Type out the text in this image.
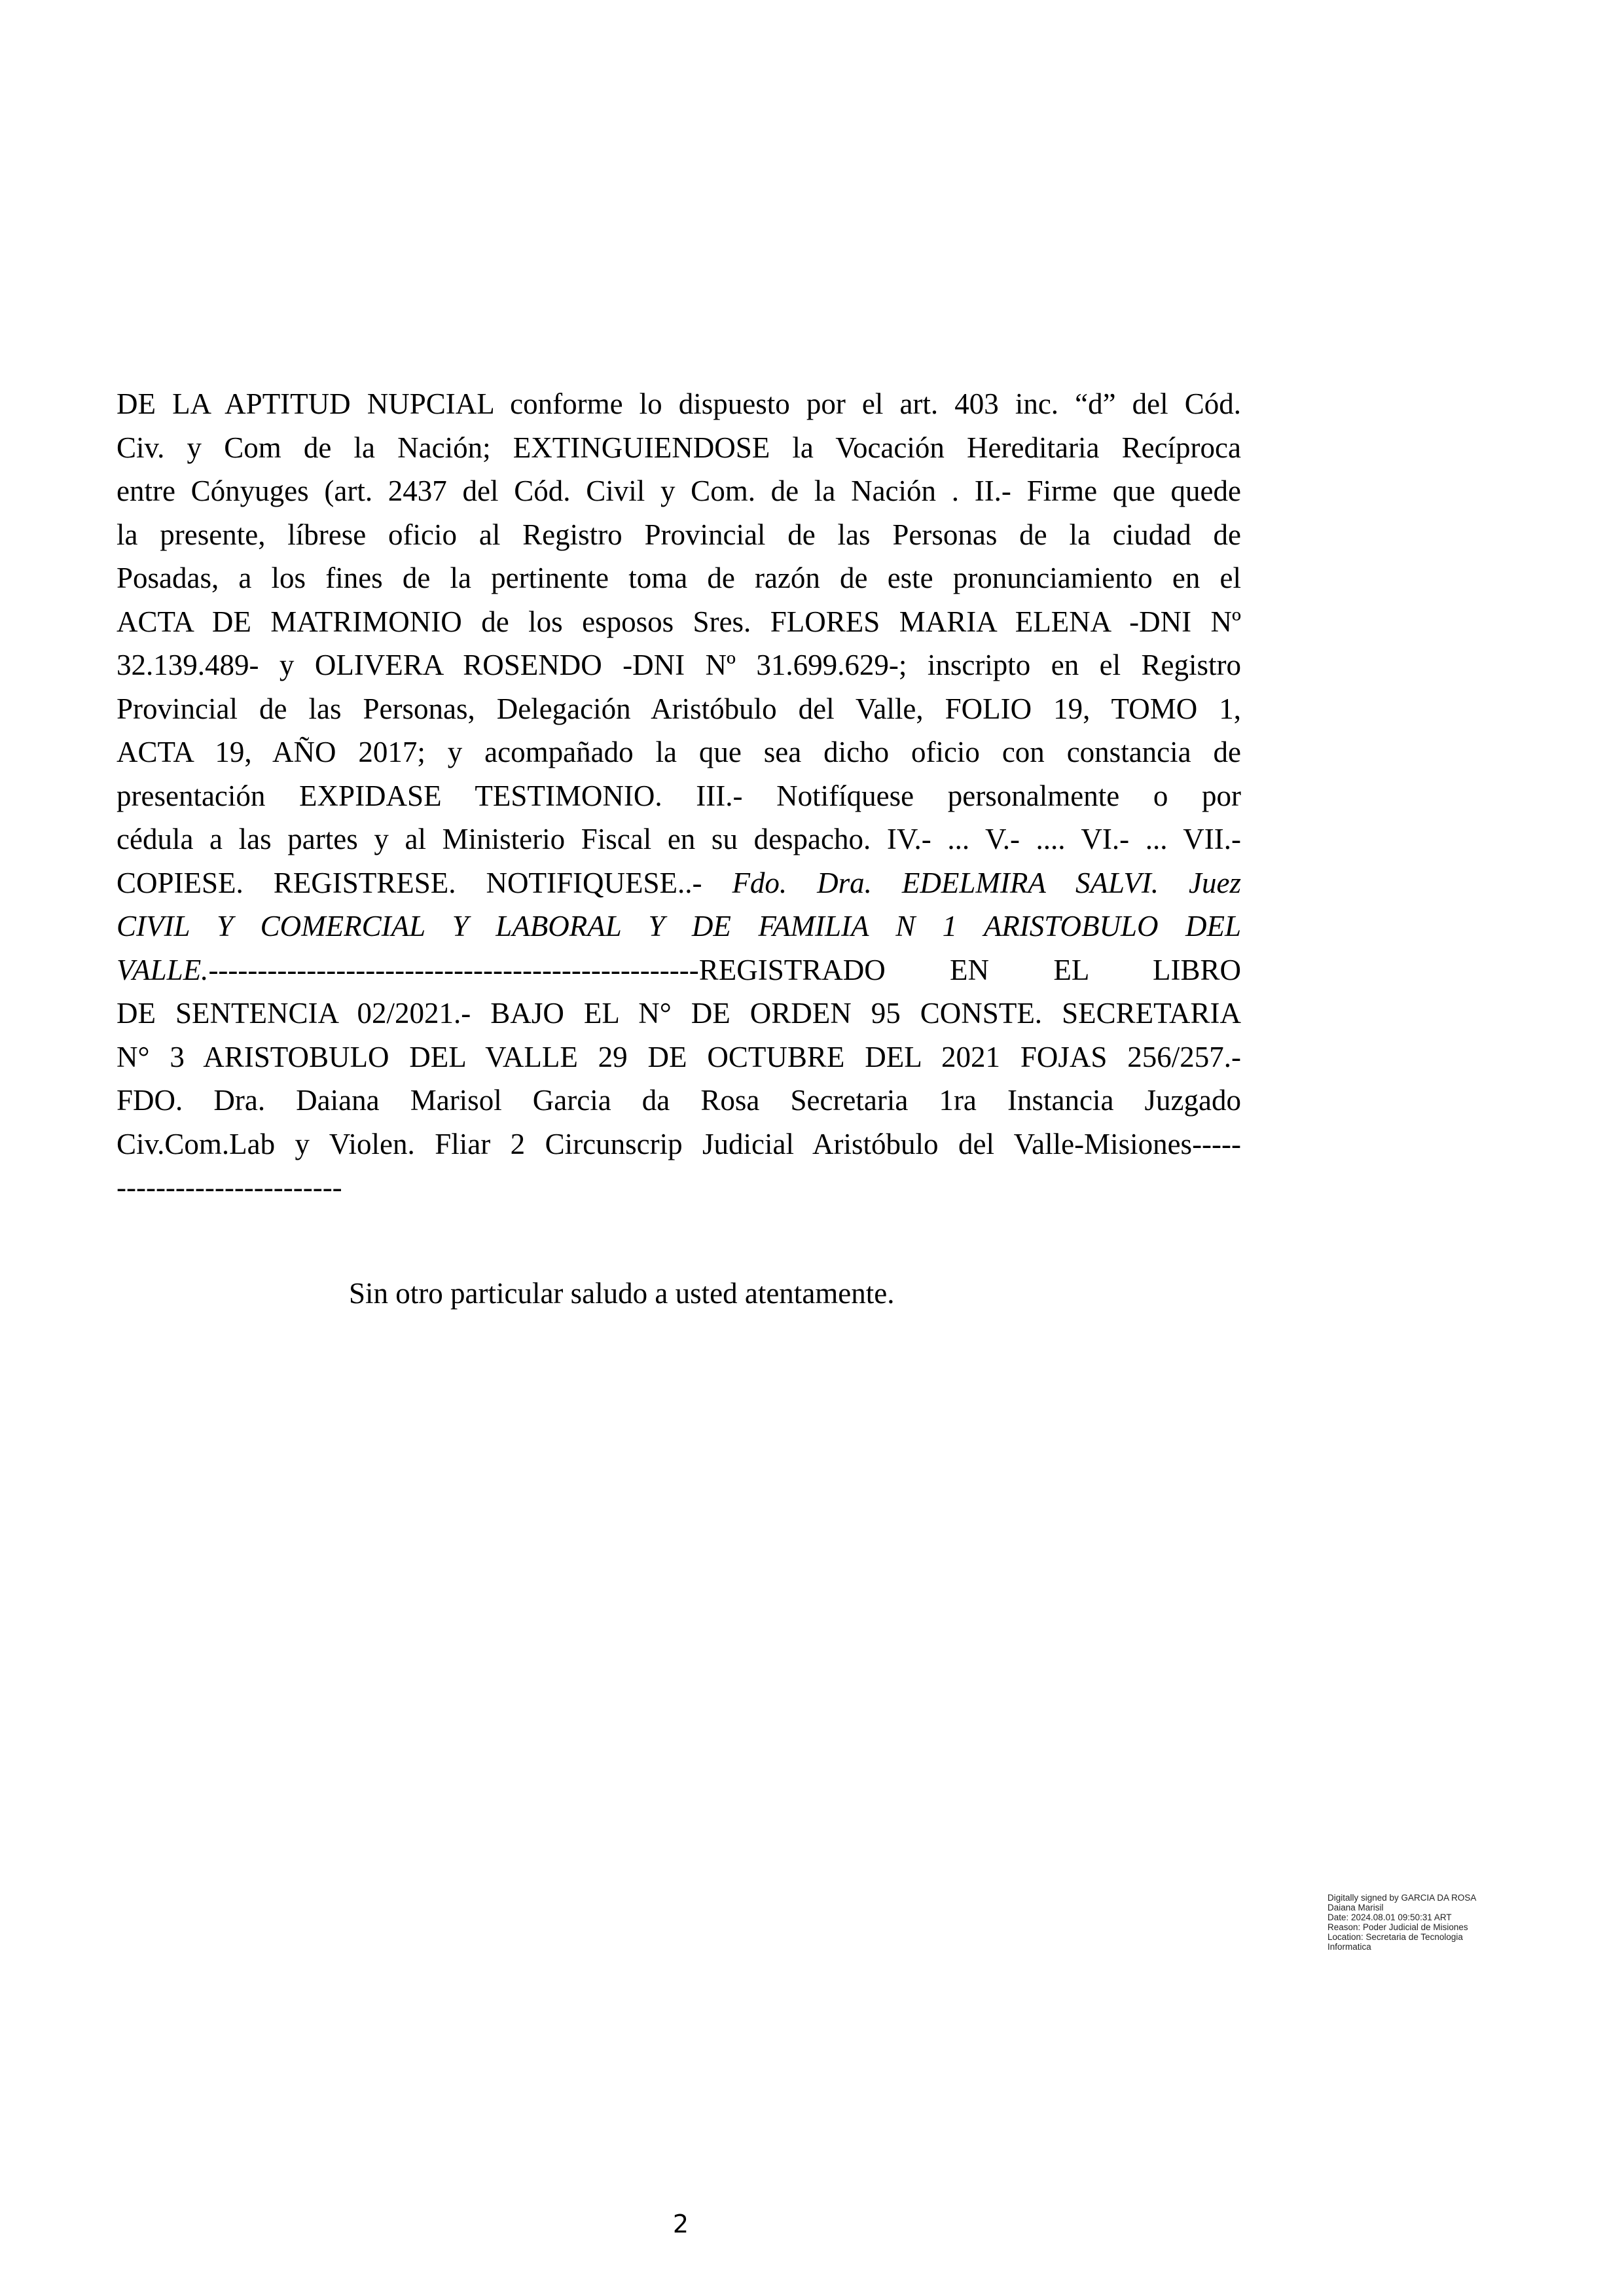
DE LA APTITUD NUPCIAL conforme lo dispuesto por el art. 403 inc. “d” del Cód.
Civ. y Com de la Nación; EXTINGUIENDOSE la Vocación Hereditaria Recíproca
entre Cónyuges (art. 2437 del Cód. Civil y Com. de la Nación . II.- Firme que quede
la presente, líbrese oficio al Registro Provincial de las Personas de la ciudad de
Posadas, a los fines de la pertinente toma de razón de este pronunciamiento en el
ACTA DE MATRIMONIO de los esposos Sres. FLORES MARIA ELENA -DNI Nº
32.139.489- y OLIVERA ROSENDO -DNI Nº 31.699.629-; inscripto en el Registro
Provincial de las Personas, Delegación Aristóbulo del Valle, FOLIO 19, TOMO 1,
ACTA 19, AÑO 2017; y acompañado la que sea dicho oficio con constancia de
presentación EXPIDASE TESTIMONIO. III.- Notifíquese personalmente o por
cédula a las partes y al Ministerio Fiscal en su despacho. IV.- ... V.- .... VI.- ... VII.-
COPIESE. REGISTRESE. NOTIFIQUESE..- Fdo. Dra. EDELMIRA SALVI. Juez
CIVIL Y COMERCIAL Y LABORAL Y DE FAMILIA N 1 ARISTOBULO DEL
VALLE.--------------------------------------------------REGISTRADO EN EL LIBRO
DE SENTENCIA 02/2021.- BAJO EL N° DE ORDEN 95 CONSTE. SECRETARIA
N° 3 ARISTOBULO DEL VALLE 29 DE OCTUBRE DEL 2021 FOJAS 256/257.-
FDO. Dra. Daiana Marisol Garcia da Rosa Secretaria 1ra Instancia Juzgado
Civ.Com.Lab y Violen. Fliar 2 Circunscrip Judicial Aristóbulo del Valle-Misiones-----
-----------------------
Sin otro particular saludo a usted atentamente.
Digitally signed by GARCIA DA ROSA
Daiana Marisil
Date: 2024.08.01 09:50:31 ART
Reason: Poder Judicial de Misiones
Location: Secretaria de Tecnologia
Informatica
2
